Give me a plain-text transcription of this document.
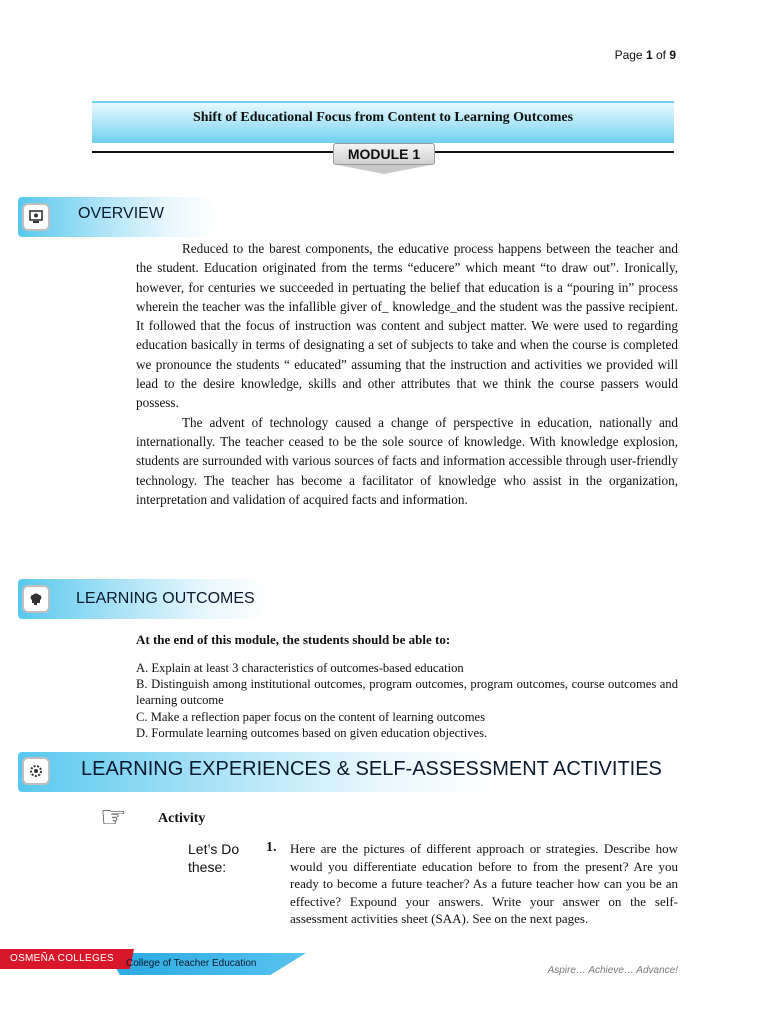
Page 1 of 9
Shift of Educational Focus from Content to Learning Outcomes
MODULE 1
OVERVIEW

Reduced to the barest components, the educative process happens between the teacher and the student. Education originated from the terms “educere” which meant “to draw out”. Ironically, however, for centuries we succeeded in pertuating the belief that education is a “pouring in” process wherein the teacher was the infallible giver of_ knowledge_and the student was the passive recipient. It followed that the focus of instruction was content and subject matter. We were used to regarding education basically in terms of designating a set of subjects to take and when the course is completed we pronounce the students “ educated” assuming that the instruction and activities we provided will lead to the desire knowledge, skills and other attributes that we think the course passers would possess.

The advent of technology caused a change of perspective in education, nationally and internationally. The teacher ceased to be the sole source of knowledge. With knowledge explosion, students are surrounded with various sources of facts and information accessible through user-friendly technology. The teacher has become a facilitator of knowledge who assist in the organization, interpretation and validation of acquired facts and information.

LEARNING OUTCOMES
At the end of this module, the students should be able to:
A. Explain at least 3 characteristics of outcomes-based education
B. Distinguish among institutional outcomes, program outcomes, program outcomes, course outcomes and learning outcome
C. Make a reflection paper focus on the content of learning outcomes
D. Formulate learning outcomes based on given education objectives.
LEARNING EXPERIENCES & SELF-ASSESSMENT ACTIVITIES
☞ Activity
Let’s Do these:
1. Here are the pictures of different approach or strategies. Describe how would you differentiate education before to from the present? Are you ready to become a future teacher? As a future teacher how can you be an effective? Expound your answers. Write your answer on the self- assessment activities sheet (SAA). See on the next pages.
OSMEÑA COLLEGES College of Teacher Education
Aspire… Achieve… Advance!
